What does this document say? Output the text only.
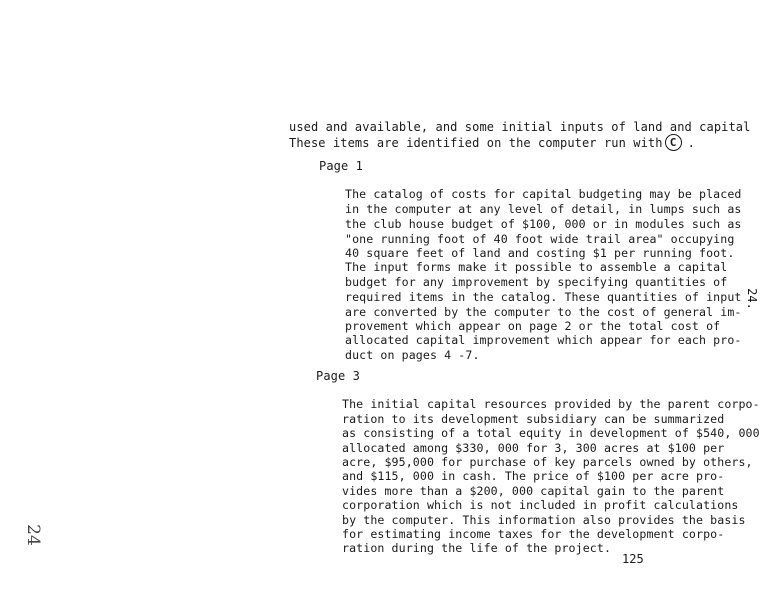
used and available, and some initial inputs of land and capital
These items are identified on the computer run with C .
Page 1
The catalog of costs for capital budgeting may be placed
in the computer at any level of detail, in lumps such as
the club house budget of $100, 000 or in modules such as
"one running foot of 40 foot wide trail area" occupying
40 square feet of land and costing $1 per running foot.
The input forms make it possible to assemble a capital
budget for any improvement by specifying quantities of
required items in the catalog. These quantities of input
are converted by the computer to the cost of general im-
provement which appear on page 2 or the total cost of
allocated capital improvement which appear for each pro-
duct on pages 4 -7.
Page 3
The initial capital resources provided by the parent corpo-
ration to its development subsidiary can be summarized
as consisting of a total equity in development of $540, 000
allocated among $330, 000 for 3, 300 acres at $100 per
acre, $95,000 for purchase of key parcels owned by others,
and $115, 000 in cash. The price of $100 per acre pro-
vides more than a $200, 000 capital gain to the parent
corporation which is not included in profit calculations
by the computer. This information also provides the basis
for estimating income taxes for the development corpo-
ration during the life of the project.
24.
24
125
